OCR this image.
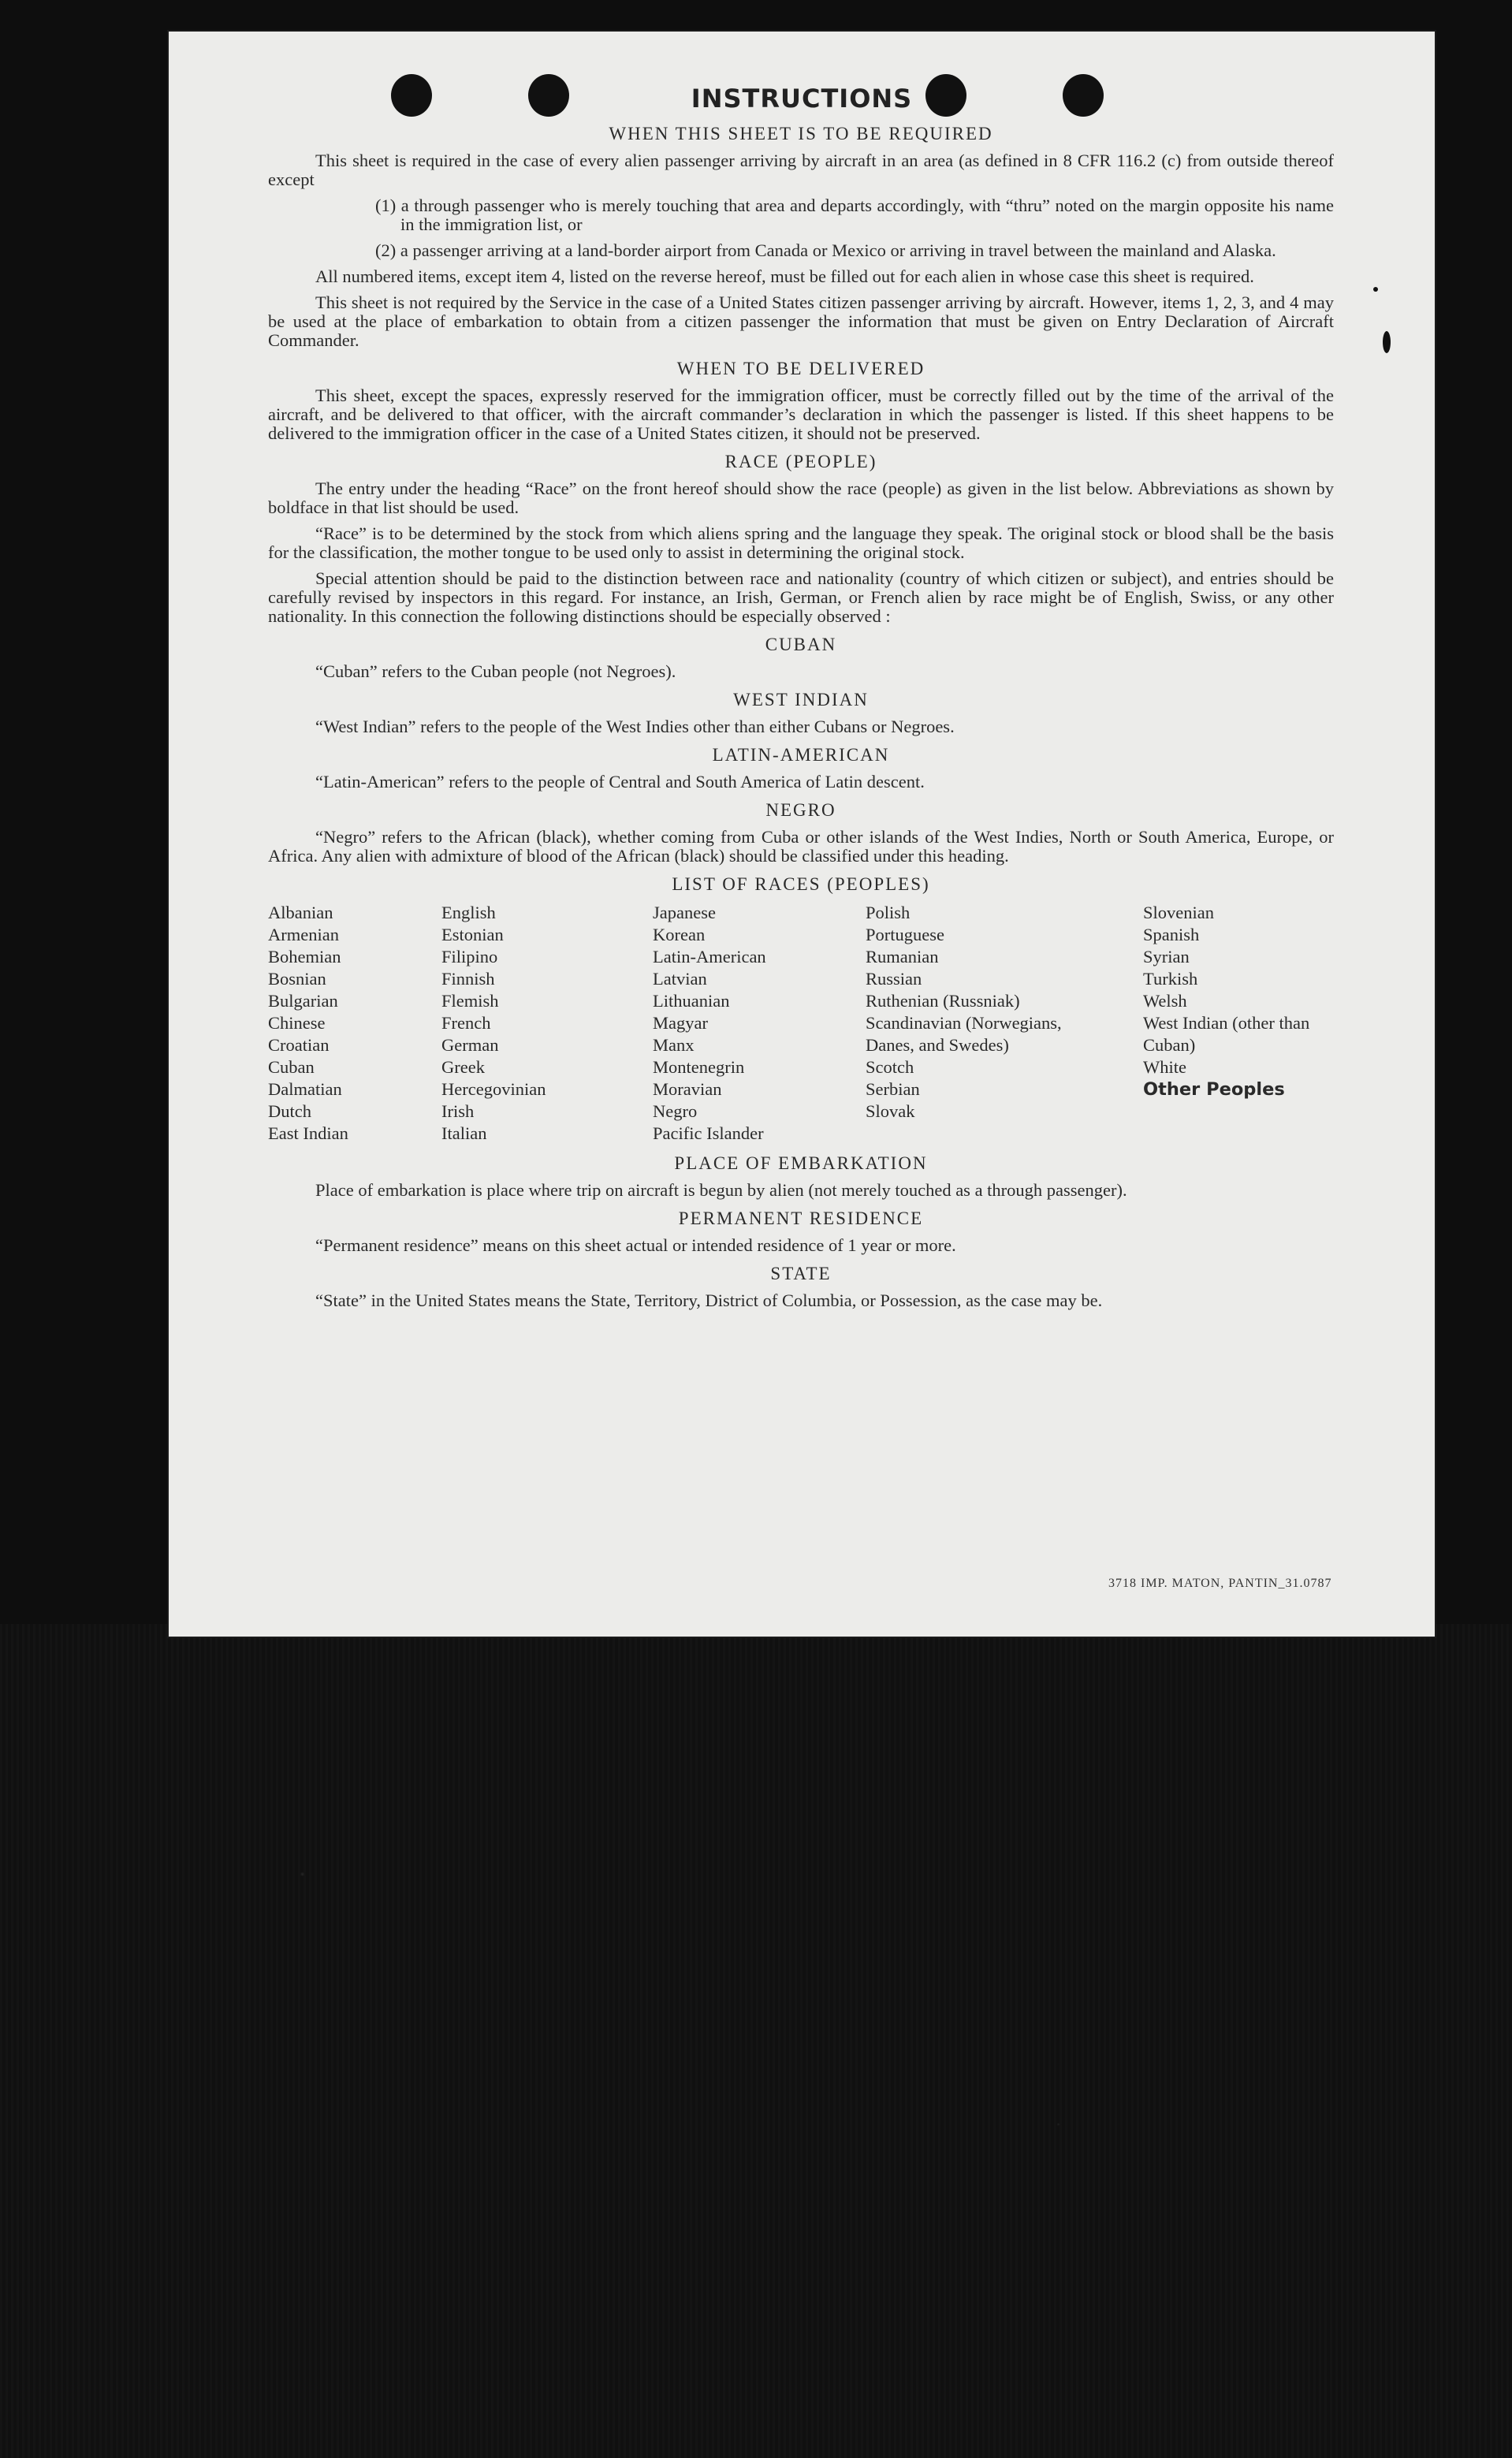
INSTRUCTIONS
WHEN THIS SHEET IS TO BE REQUIRED

This sheet is required in the case of every alien passenger arriving by aircraft in an area (as defined in 8 CFR 116.2 (c) from outside thereof except

(1) a through passenger who is merely touching that area and departs accordingly, with “thru” noted on the margin opposite his name in the immigration list, or

(2) a passenger arriving at a land-border airport from Canada or Mexico or arriving in travel between the mainland and Alaska.

All numbered items, except item 4, listed on the reverse hereof, must be filled out for each alien in whose case this sheet is required.

This sheet is not required by the Service in the case of a United States citizen passenger arriving by aircraft. However, items 1, 2, 3, and 4 may be used at the place of embarkation to obtain from a citizen passenger the information that must be given on Entry Declaration of Aircraft Commander.

WHEN TO BE DELIVERED

This sheet, except the spaces, expressly reserved for the immigration officer, must be correctly filled out by the time of the arrival of the aircraft, and be delivered to that officer, with the aircraft commander’s declaration in which the passenger is listed. If this sheet happens to be delivered to the immigration officer in the case of a United States citizen, it should not be preserved.

RACE (PEOPLE)

The entry under the heading “Race” on the front hereof should show the race (people) as given in the list below. Abbreviations as shown by boldface in that list should be used.

“Race” is to be determined by the stock from which aliens spring and the language they speak. The original stock or blood shall be the basis for the classification, the mother tongue to be used only to assist in determining the original stock.

Special attention should be paid to the distinction between race and nationality (country of which citizen or subject), and entries should be carefully revised by inspectors in this regard. For instance, an Irish, German, or French alien by race might be of English, Swiss, or any other nationality. In this connection the following distinctions should be especially observed :

CUBAN

“Cuban” refers to the Cuban people (not Negroes).

WEST INDIAN

“West Indian” refers to the people of the West Indies other than either Cubans or Negroes.

LATIN-AMERICAN

“Latin-American” refers to the people of Central and South America of Latin descent.

NEGRO

“Negro” refers to the African (black), whether coming from Cuba or other islands of the West Indies, North or South America, Europe, or Africa. Any alien with admixture of blood of the African (black) should be classified under this heading.

LIST OF RACES (PEOPLES)
Albanian
Armenian
Bohemian
Bosnian
Bulgarian
Chinese
Croatian
Cuban
Dalmatian
Dutch
East Indian
English
Estonian
Filipino
Finnish
Flemish
French
German
Greek
Hercegovinian
Irish
Italian
Japanese
Korean
Latin-American
Latvian
Lithuanian
Magyar
Manx
Montenegrin
Moravian
Negro
Pacific Islander
Polish
Portuguese
Rumanian
Russian
Ruthenian (Russniak)
Scandinavian (Norwegians, Danes, and Swedes)
Scotch
Serbian
Slovak
Slovenian
Spanish
Syrian
Turkish
Welsh
West Indian (other than Cuban)
White
Other Peoples
PLACE OF EMBARKATION

Place of embarkation is place where trip on aircraft is begun by alien (not merely touched as a through passenger).

PERMANENT RESIDENCE

“Permanent residence” means on this sheet actual or intended residence of 1 year or more.

STATE

“State” in the United States means the State, Territory, District of Columbia, or Possession, as the case may be.

3718 IMP. MATON, PANTIN_31.0787
